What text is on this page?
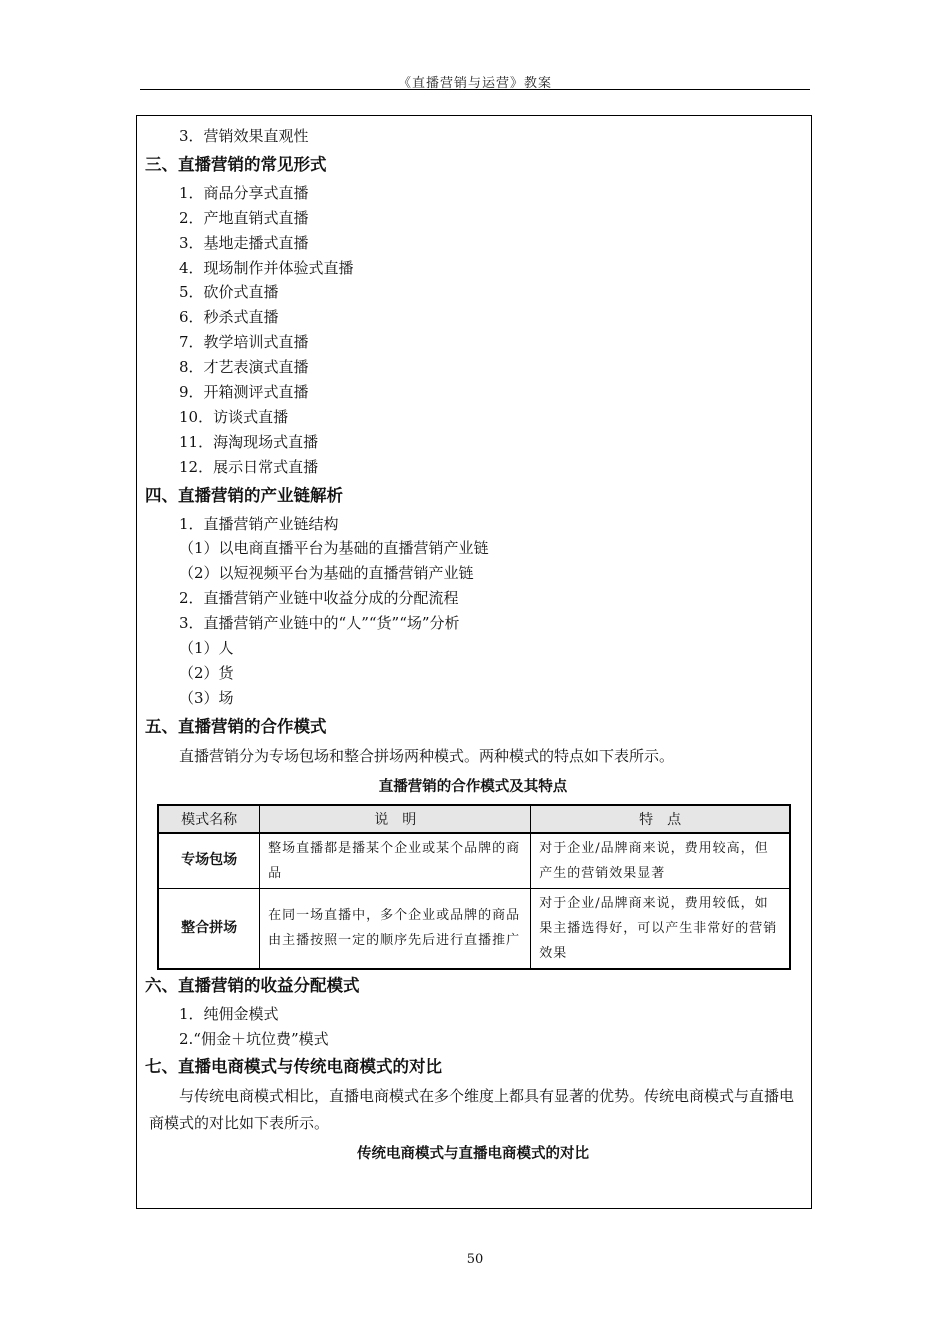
《直播营销与运营》教案
3．营销效果直观性
三、直播营销的常见形式
1．商品分享式直播
2．产地直销式直播
3．基地走播式直播
4．现场制作并体验式直播
5．砍价式直播
6．秒杀式直播
7．教学培训式直播
8．才艺表演式直播
9．开箱测评式直播
10．访谈式直播
11．海淘现场式直播
12．展示日常式直播
四、直播营销的产业链解析
1．直播营销产业链结构
（1）以电商直播平台为基础的直播营销产业链
（2）以短视频平台为基础的直播营销产业链
2．直播营销产业链中收益分成的分配流程
3．直播营销产业链中的“人”“货”“场”分析
（1）人
（2）货
（3）场
五、直播营销的合作模式
直播营销分为专场包场和整合拼场两种模式。两种模式的特点如下表所示。
直播营销的合作模式及其特点
模式名称	说　明	特　点
专场包场	整场直播都是播某个企业或某个品牌的商品	对于企业/品牌商来说，费用较高，但产生的营销效果显著
整合拼场	在同一场直播中，多个企业或品牌的商品由主播按照一定的顺序先后进行直播推广	对于企业/品牌商来说，费用较低，如果主播选得好，可以产生非常好的营销效果
六、直播营销的收益分配模式
1．纯佣金模式
2.“佣金＋坑位费”模式
七、直播电商模式与传统电商模式的对比
与传统电商模式相比，直播电商模式在多个维度上都具有显著的优势。传统电商模式与直播电商模式的对比如下表所示。
传统电商模式与直播电商模式的对比
50
